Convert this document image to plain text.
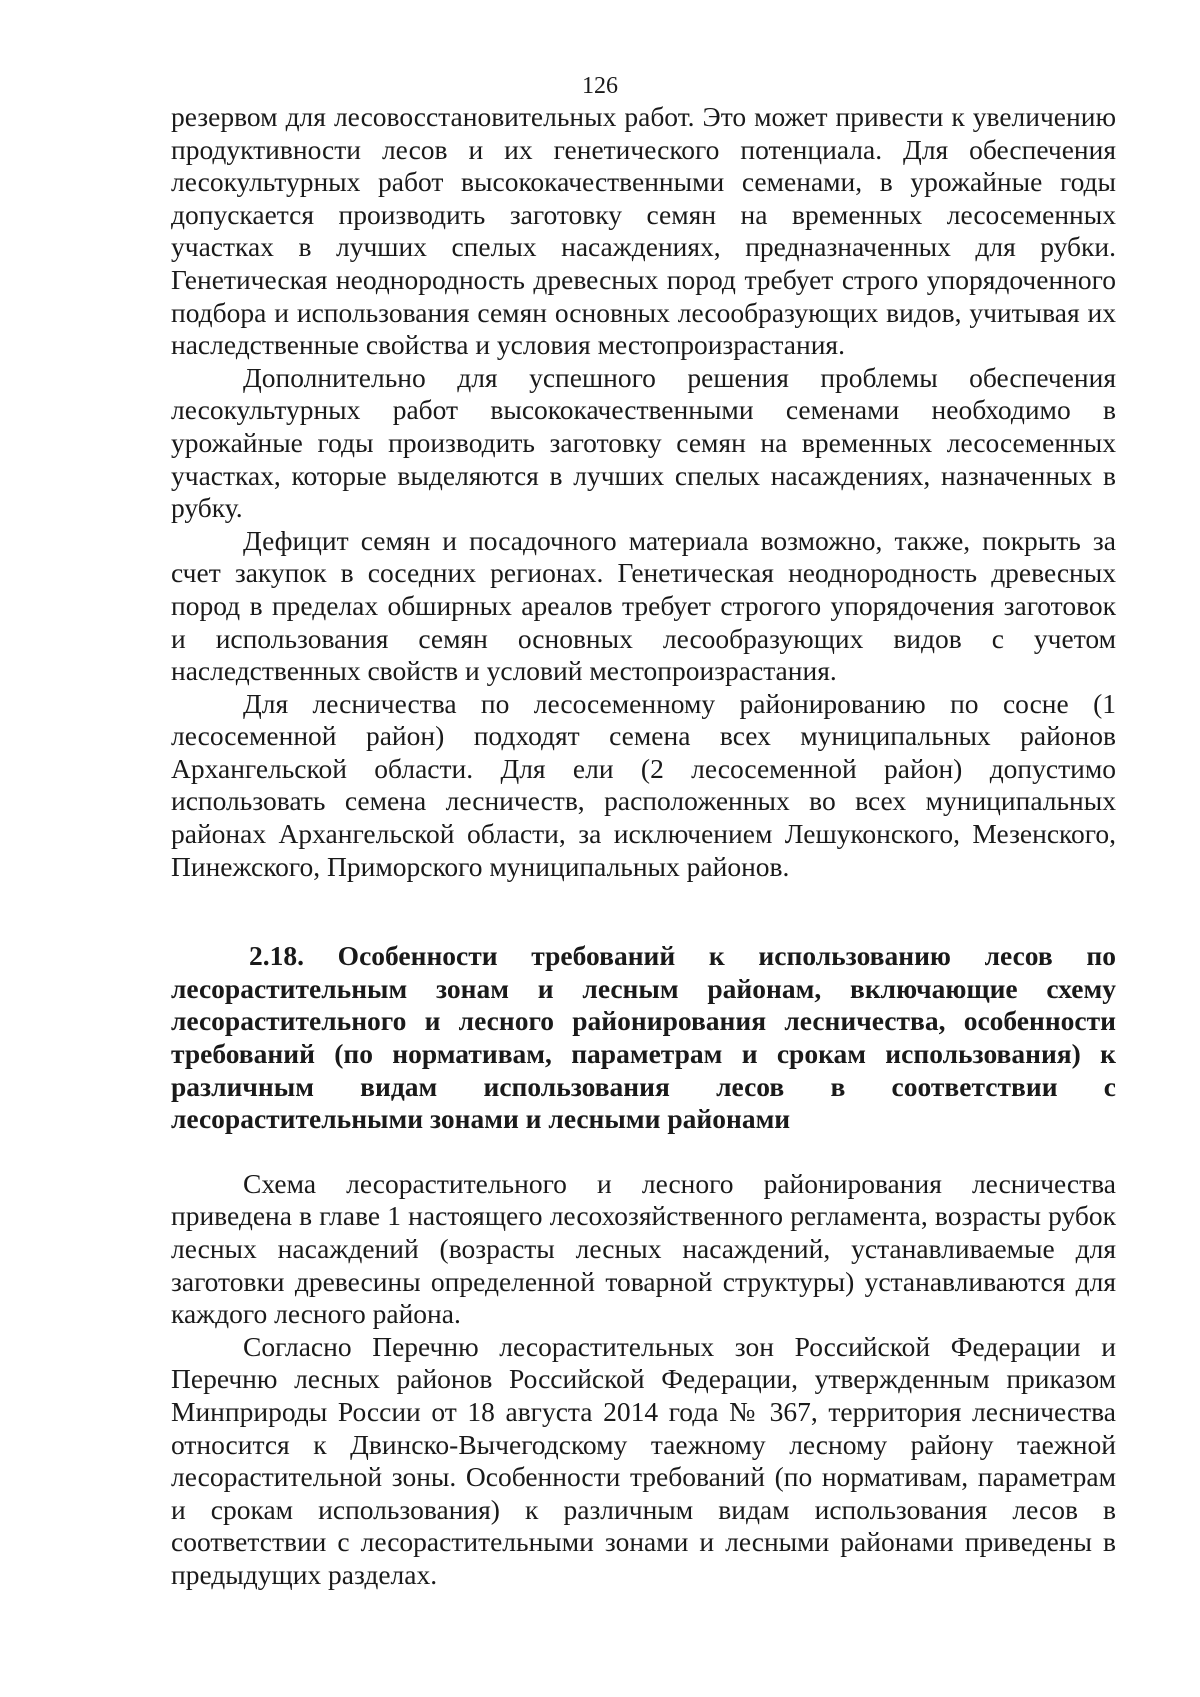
126

резервом для лесовосстановительных работ. Это может привести к увеличению продуктивности лесов и их генетического потенциала. Для обеспечения лесокультурных работ высококачественными семенами, в урожайные годы допускается производить заготовку семян на временных лесосеменных участках в лучших спелых насаждениях, предназначенных для рубки. Генетическая неоднородность древесных пород требует строго упорядоченного подбора и использования семян основных лесообразующих видов, учитывая их наследственные свойства и условия местопроизрастания.

Дополнительно для успешного решения проблемы обеспечения лесокультурных работ высококачественными семенами необходимо в урожайные годы производить заготовку семян на временных лесосеменных участках, которые выделяются в лучших спелых насаждениях, назначенных в рубку.

Дефицит семян и посадочного материала возможно, также, покрыть за счет закупок в соседних регионах. Генетическая неоднородность древесных пород в пределах обширных ареалов требует строгого упорядочения заготовок и использования семян основных лесообразующих видов с учетом наследственных свойств и условий местопроизрастания.

Для лесничества по лесосеменному районированию по сосне (1 лесосеменной район) подходят семена всех муниципальных районов Архангельской области. Для ели (2 лесосеменной район) допустимо использовать семена лесничеств, расположенных во всех муниципальных районах Архангельской области, за исключением Лешуконского, Мезенского, Пинежского, Приморского муниципальных районов.

2.18. Особенности требований к использованию лесов по лесорастительным зонам и лесным районам, включающие схему лесорастительного и лесного районирования лесничества, особенности требований (по нормативам, параметрам и срокам использования) к различным видам использования лесов в соответствии с лесорастительными зонами и лесными районами

Схема лесорастительного и лесного районирования лесничества приведена в главе 1 настоящего лесохозяйственного регламента, возрасты рубок лесных насаждений (возрасты лесных насаждений, устанавливаемые для заготовки древесины определенной товарной структуры) устанавливаются для каждого лесного района.

Согласно Перечню лесорастительных зон Российской Федерации и Перечню лесных районов Российской Федерации, утвержденным приказом Минприроды России от 18 августа 2014 года № 367, территория лесничества относится к Двинско-Вычегодскому таежному лесному району таежной лесорастительной зоны. Особенности требований (по нормативам, параметрам и срокам использования) к различным видам использования лесов в соответствии с лесорастительными зонами и лесными районами приведены в предыдущих разделах.
